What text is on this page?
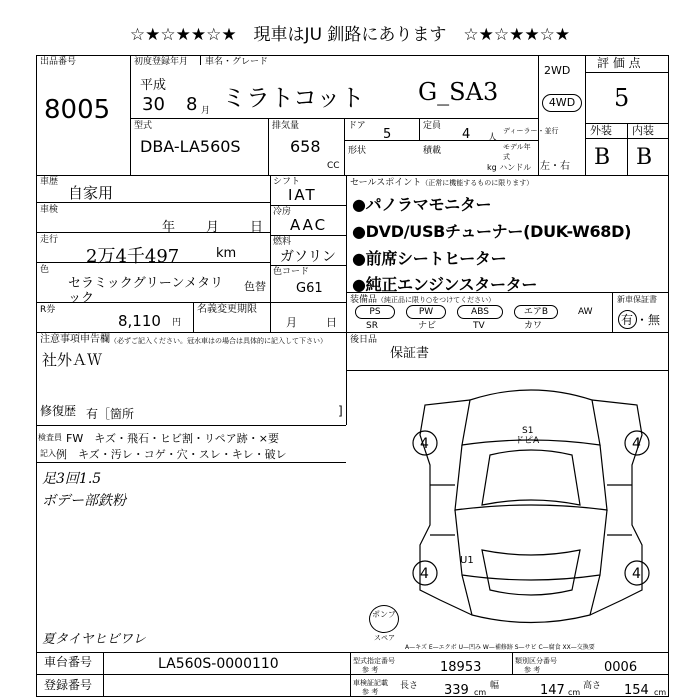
☆★☆★★☆★　現車はJU 釧路にあります　☆★☆★★☆★
出品番号
8005
初度登録年月 車名・グレード
平成
30 8 月 ミラトコット G_SA3
2WD
4WD
評 価 点
5
外装 内装
B B
型式
DBA-LA560S
排気量
658
CC
ドア
5
定員
4 人
ディーラー・並行
形状	積載	モデル年式
kg ハンドル 左・右
車歴
自家用
車検
年 月 日
走行
2万4千497	km
色
セラミックグリーンメタリ
ック
色替
シフト
IAT
冷房
AAC
燃料
ガソリン
色コード
G61
R券
8,110 円
名義変更期限
月	日
注意事項申告欄 （必ずご記入ください。冠水車はの場合は具体的に記入して下さい）
社外ＡＷ
修復歴 有［ 箇所	]
セールスポイント（正常に機能するものに限ります）
●パノラマモニター
●DVD/USBチューナー(DUK-W68D)
●前席シートヒーター
●純正エンジンスターター
装備品（純正品に限り○をつけてください）	新車保証書
有 ・無
PS	PW	ABS	エアB	AW
SR	ナビ	TV	カワ
後日品
保証書
検査員 FW　キズ・飛石・ヒビ割・リペア跡・×要
記入 例　キズ・汚レ・コゲ・穴・スレ・キレ・破レ
足3回1.5
ボデー部鉄粉
夏タイヤヒビワレ
4	4
4	4
S1
ドピA
U1
ポンプ
スペア
A—キズ E—エクボ U—凹み W—補修跡 S—サビ C—腐食 XX—交換要
車台番号	LA560S-0000110
登録番号
型式指定番号
参 考	18953	類別区分番号
参 考	0006
車検証記載
参 考
長さ 339 cm
幅	147 cm
高さ 154 cm
